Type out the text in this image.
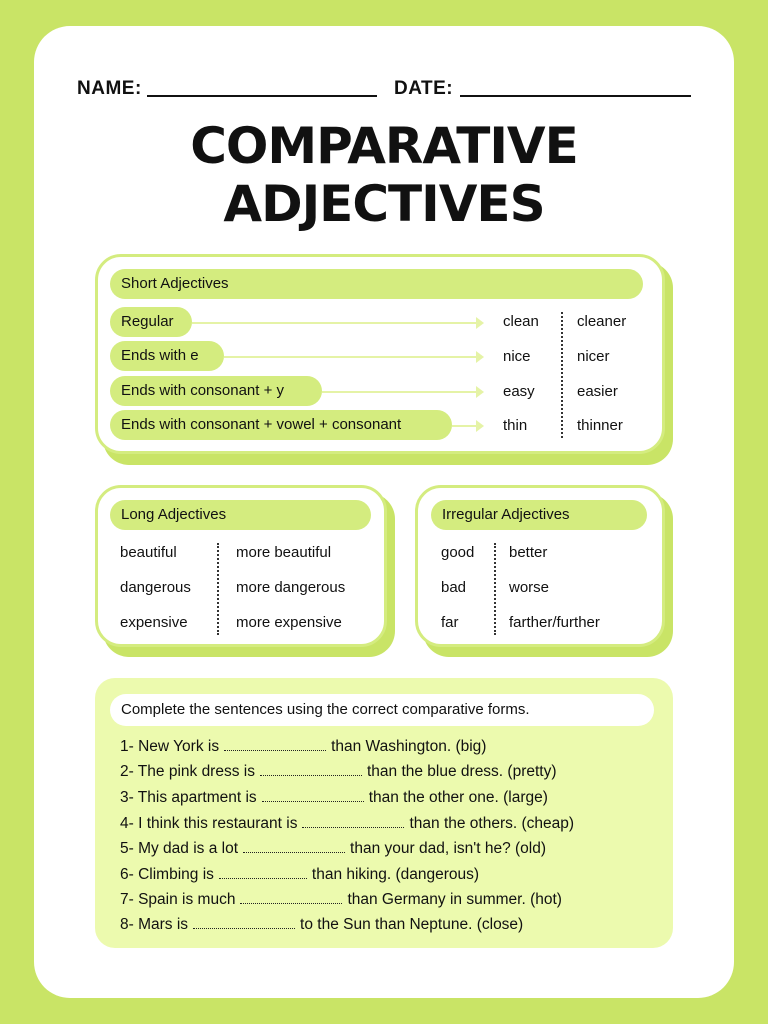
NAME:	DATE:
COMPARATIVE
ADJECTIVES
Short Adjectives
Regular	clean	cleaner
Ends with e	nice	nicer
Ends with consonant + y	easy	easier
Ends with consonant + vowel + consonant	thin	thinner
Long Adjectives
beautiful	more beautiful
dangerous	more dangerous
expensive	more expensive
Irregular Adjectives
good better
bad	worse
far	farther/further
Complete the sentences using the correct comparative forms.
1- New York is	than Washington. (big)
2- The pink dress is	than the blue dress. (pretty)
3- This apartment is	than the other one. (large)
4- I think this restaurant is	than the others. (cheap)
5- My dad is a lot	than your dad, isn't he? (old)
6- Climbing is	than hiking. (dangerous)
7- Spain is much	than Germany in summer. (hot)
8- Mars is	to the Sun than Neptune. (close)
